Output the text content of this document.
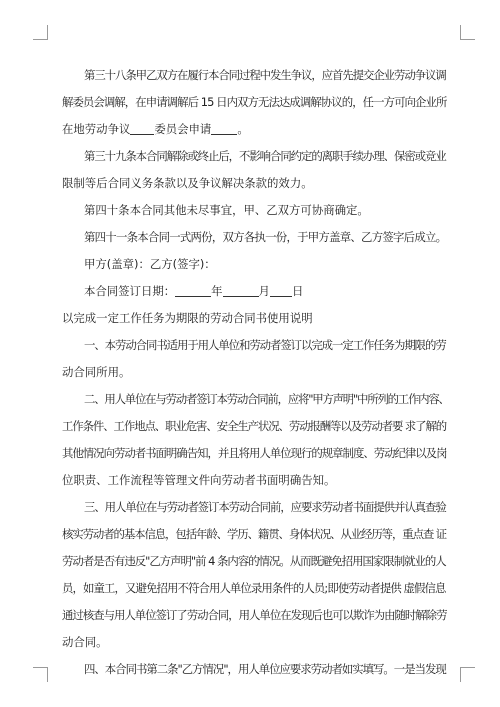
第三十八条甲乙双方在履行本合同过程中发生争议，应首先提交企业劳动争议调
解委员会调解，在申请调解后 15 日内双方无法达成调解协议的，任一方可向企业所
在地劳动争议 委员会申请 。
第三十九条本合同解除或终止后，不影响合同约定的离职手续办理、保密或竞业
限制等后合同义务条款以及争议解决条款的效力。
第四十条本合同其他未尽事宜，甲、乙双方可协商确定。
第四十一条本合同一式两份，双方各执一份，于甲方盖章、乙方签字后成立。
甲方(盖章)：乙方(签字)：
本合同签订日期：	年	月 日
以完成一定工作任务为期限的劳动合同书使用说明
一、本劳动合同书适用于用人单位和劳动者签订以完成一定工作任务为期限的劳
动合同所用。
二、用人单位在与劳动者签订本劳动合同前，应将"甲方声明"中所列的工作内容、
工作条件、工作地点、职业危害、安全生产状况、劳动报酬等以及劳动者要 求了解的
其他情况向劳动者书面明确告知，并且将用人单位现行的规章制度、劳动纪律以及岗
位职责、工作流程等管理文件向劳动者书面明确告知。
三、用人单位在与劳动者签订本劳动合同前，应要求劳动者书面提供并认真查验
核实劳动者的基本信息，包括年龄、学历、籍贯、身体状况、从业经历等，重点查 证
劳动者是否有违反"乙方声明"前 4 条内容的情况。从而既避免招用国家限制就业的人
员，如童工，又避免招用不符合用人单位录用条件的人员;即使劳动者提供 虚假信息
通过核查与用人单位签订了劳动合同，用人单位在发现后也可以欺诈为由随时解除劳
动合同。
四、本合同书第二条"乙方情况"，用人单位应要求劳动者如实填写。一是当发现
